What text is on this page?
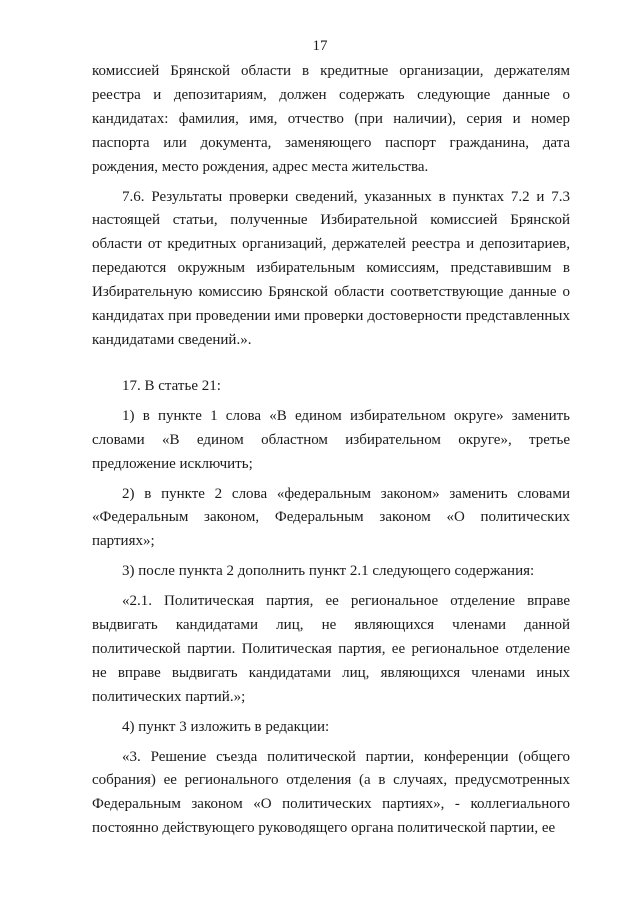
17

комиссией Брянской области в кредитные организации, держателям реестра и депозитариям, должен содержать следующие данные о кандидатах: фамилия, имя, отчество (при наличии), серия и номер паспорта или документа, заменяющего паспорт гражданина, дата рождения, место рождения, адрес места жительства.

7.6. Результаты проверки сведений, указанных в пунктах 7.2 и 7.3 настоящей статьи, полученные Избирательной комиссией Брянской области от кредитных организаций, держателей реестра и депозитариев, передаются окружным избирательным комиссиям, представившим в Избирательную комиссию Брянской области соответствующие данные о кандидатах при проведении ими проверки достоверности представленных кандидатами сведений.».

17. В статье 21:

1) в пункте 1 слова «В едином избирательном округе» заменить словами «В едином областном избирательном округе», третье предложение исключить;

2) в пункте 2 слова «федеральным законом» заменить словами «Федеральным законом, Федеральным законом «О политических партиях»;

3) после пункта 2 дополнить пункт 2.1 следующего содержания:

«2.1. Политическая партия, ее региональное отделение вправе выдвигать кандидатами лиц, не являющихся членами данной политической партии. Политическая партия, ее региональное отделение не вправе выдвигать кандидатами лиц, являющихся членами иных политических партий.»;

4) пункт 3 изложить в редакции:

«3. Решение съезда политической партии, конференции (общего собрания) ее регионального отделения (а в случаях, предусмотренных Федеральным законом «О политических партиях», - коллегиального постоянно действующего руководящего органа политической партии, ее
